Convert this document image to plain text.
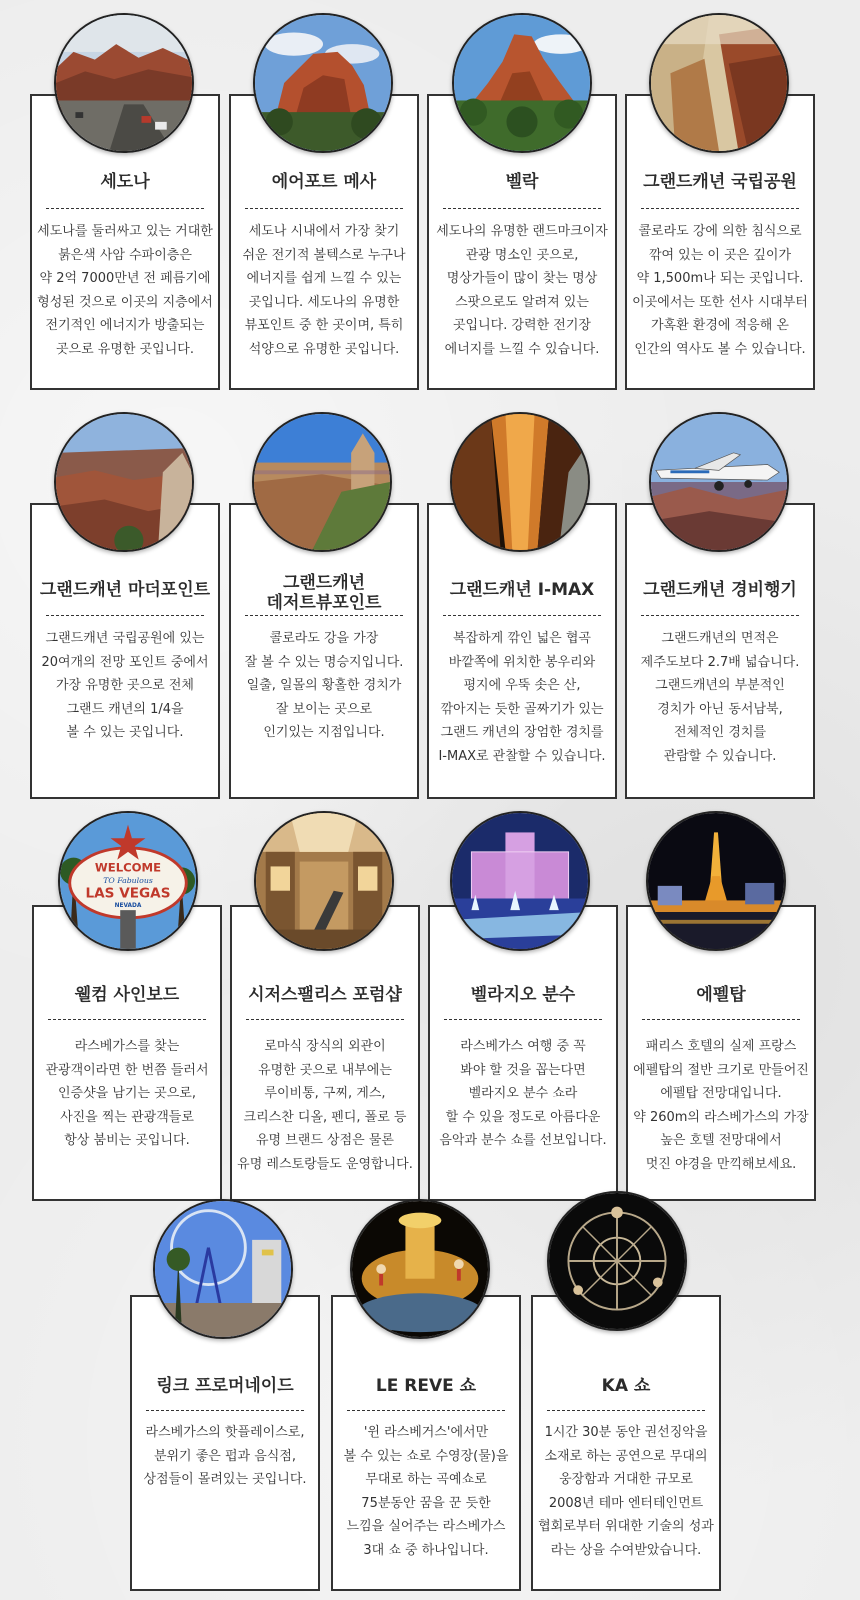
세도나
세도나를 둘러싸고 있는 거대한
붉은색 사암 수파이층은
약 2억 7000만년 전 페름기에
형성된 것으로 이곳의 지층에서
전기적인 에너지가 방출되는
곳으로 유명한 곳입니다.
에어포트 메사
세도나 시내에서 가장 찾기
쉬운 전기적 볼텍스로 누구나
에너지를 쉽게 느낄 수 있는
곳입니다. 세도나의 유명한
뷰포인트 중 한 곳이며, 특히
석양으로 유명한 곳입니다.
벨락
세도나의 유명한 랜드마크이자
관광 명소인 곳으로,
명상가들이 많이 찾는 명상
스팟으로도 알려져 있는
곳입니다. 강력한 전기장
에너지를 느낄 수 있습니다.
그랜드캐년 국립공원
콜로라도 강에 의한 침식으로
깎여 있는 이 곳은 깊이가
약 1,500m나 되는 곳입니다.
이곳에서는 또한 선사 시대부터
가혹환 환경에 적응해 온
인간의 역사도 볼 수 있습니다.
그랜드캐년 마더포인트
그랜드캐년 국립공원에 있는
20여개의 전망 포인트 중에서
가장 유명한 곳으로 전체
그랜드 캐년의 1/4을
볼 수 있는 곳입니다.
그랜드캐년
데저트뷰포인트
콜로라도 강을 가장
잘 볼 수 있는 명승지입니다.
일출, 일몰의 황홀한 경치가
잘 보이는 곳으로
인기있는 지점입니다.
그랜드캐년 I-MAX
복잡하게 깎인 넓은 협곡
바깥쪽에 위치한 봉우리와
평지에 우뚝 솟은 산,
깎아지는 듯한 골짜기가 있는
그랜드 캐년의 장엄한 경치를
I-MAX로 관찰할 수 있습니다.
그랜드캐년 경비행기
그랜드캐년의 면적은
제주도보다 2.7배 넓습니다.
그랜드캐년의 부분적인
경치가 아닌 동서남북,
전체적인 경치를
관람할 수 있습니다.
웰컴 사인보드
라스베가스를 찾는
관광객이라면 한 번쯤 들러서
인증샷을 남기는 곳으로,
사진을 찍는 관광객들로
항상 붐비는 곳입니다.
시저스팰리스 포럼샵
로마식 장식의 외관이
유명한 곳으로 내부에는
루이비통, 구찌, 게스,
크리스찬 디올, 펜디, 폴로 등
유명 브랜드 상점은 물론
유명 레스토랑들도 운영합니다.
벨라지오 분수
라스베가스 여행 중 꼭
봐야 할 것을 꼽는다면
벨라지오 분수 쇼라
할 수 있을 정도로 아름다운
음악과 분수 쇼를 선보입니다.
에펠탑
패리스 호텔의 실제 프랑스
에펠탑의 절반 크기로 만들어진
에펠탑 전망대입니다.
약 260m의 라스베가스의 가장
높은 호텔 전망대에서
멋진 야경을 만끽해보세요.
링크 프로머네이드
라스베가스의 핫플레이스로,
분위기 좋은 펍과 음식점,
상점들이 몰려있는 곳입니다.
LE REVE 쇼
'윈 라스베거스'에서만
볼 수 있는 쇼로 수영장(물)을
무대로 하는 곡예쇼로
75분동안 꿈을 꾼 듯한
느낌을 실어주는 라스베가스
3대 쇼 중 하나입니다.
KA 쇼
1시간 30분 동안 권선징악을
소재로 하는 공연으로 무대의
웅장함과 거대한 규모로
2008년 테마 엔터테인먼트
협회로부터 위대한 기술의 성과
라는 상을 수여받았습니다.
WELCOME
TO Fabulous
LAS VEGAS
NEVADA
